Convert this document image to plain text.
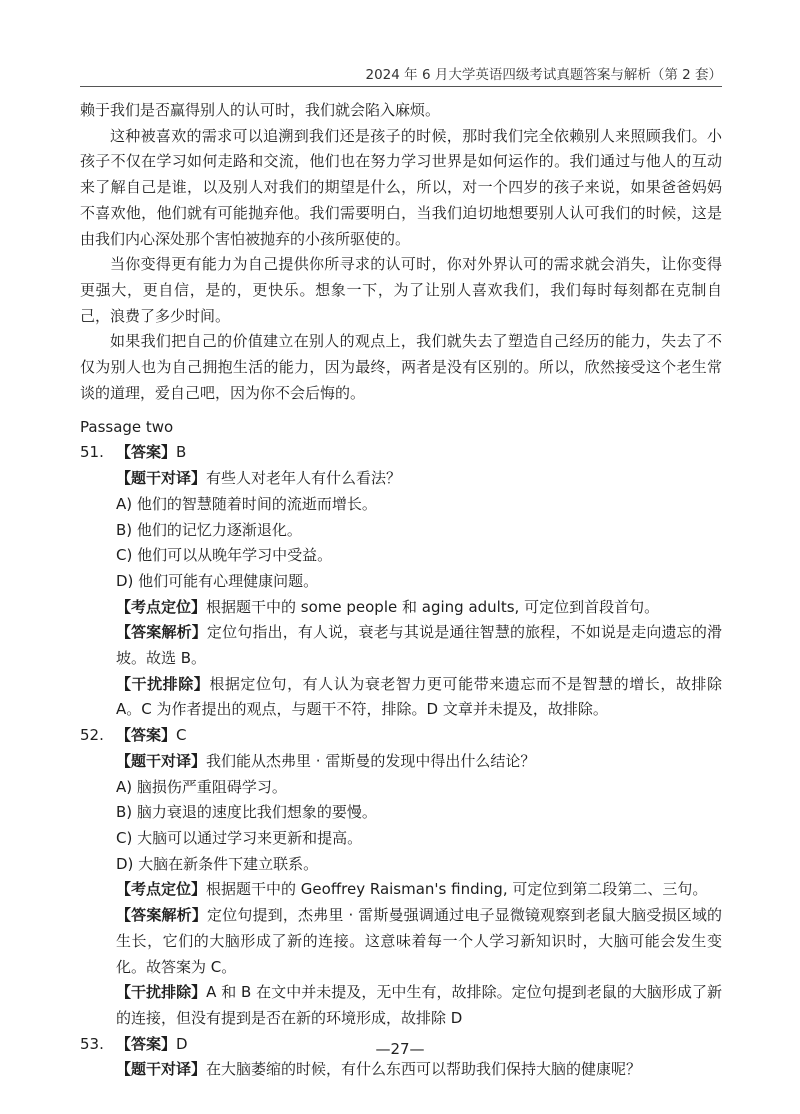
2024 年 6 月大学英语四级考试真题答案与解析（第 2 套）

赖于我们是否赢得别人的认可时，我们就会陷入麻烦。

这种被喜欢的需求可以追溯到我们还是孩子的时候，那时我们完全依赖别人来照顾我们。小孩子不仅在学习如何走路和交流，他们也在努力学习世界是如何运作的。我们通过与他人的互动来了解自己是谁，以及别人对我们的期望是什么，所以，对一个四岁的孩子来说，如果爸爸妈妈不喜欢他，他们就有可能抛弃他。我们需要明白，当我们迫切地想要别人认可我们的时候，这是由我们内心深处那个害怕被抛弃的小孩所驱使的。

当你变得更有能力为自己提供你所寻求的认可时，你对外界认可的需求就会消失，让你变得更强大，更自信，是的，更快乐。想象一下，为了让别人喜欢我们，我们每时每刻都在克制自己，浪费了多少时间。

如果我们把自己的价值建立在别人的观点上，我们就失去了塑造自己经历的能力，失去了不仅为别人也为自己拥抱生活的能力，因为最终，两者是没有区别的。所以，欣然接受这个老生常谈的道理，爱自己吧，因为你不会后悔的。

Passage two
51. 【答案】B

【题干对译】有些人对老年人有什么看法？

A) 他们的智慧随着时间的流逝而增长。

B) 他们的记忆力逐渐退化。

C) 他们可以从晚年学习中受益。

D) 他们可能有心理健康问题。

【考点定位】根据题干中的 some people 和 aging adults, 可定位到首段首句。

【答案解析】定位句指出，有人说，衰老与其说是通往智慧的旅程，不如说是走向遗忘的滑坡。故选 B。

【干扰排除】根据定位句，有人认为衰老智力更可能带来遗忘而不是智慧的增长，故排除 A。C 为作者提出的观点，与题干不符，排除。D 文章并未提及，故排除。

52. 【答案】C

【题干对译】我们能从杰弗里 · 雷斯曼的发现中得出什么结论？

A) 脑损伤严重阻碍学习。

B) 脑力衰退的速度比我们想象的要慢。

C) 大脑可以通过学习来更新和提高。

D) 大脑在新条件下建立联系。

【考点定位】根据题干中的 Geoffrey Raisman's finding, 可定位到第二段第二、三句。

【答案解析】定位句提到，杰弗里 · 雷斯曼强调通过电子显微镜观察到老鼠大脑受损区域的生长，它们的大脑形成了新的连接。这意味着每一个人学习新知识时，大脑可能会发生变化。故答案为 C。

【干扰排除】A 和 B 在文中并未提及，无中生有，故排除。定位句提到老鼠的大脑形成了新的连接，但没有提到是否在新的环境形成，故排除 D

53. 【答案】D

【题干对译】在大脑萎缩的时候，有什么东西可以帮助我们保持大脑的健康呢？

—27—
